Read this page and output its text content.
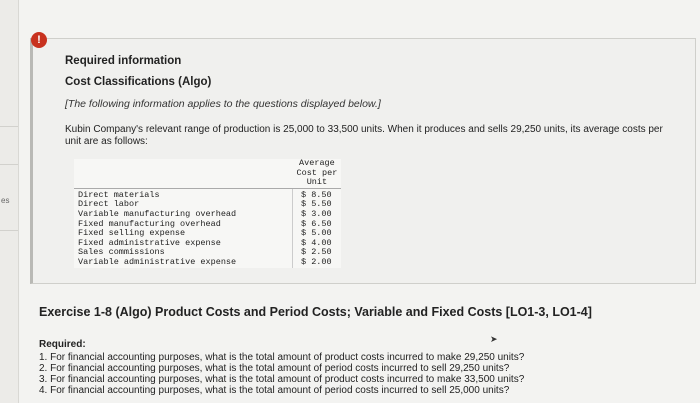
es
!
Required information
Cost Classifications (Algo)
[The following information applies to the questions displayed below.]
Kubin Company's relevant range of production is 25,000 to 33,500 units. When it produces and sells 29,250 units, its average costs per unit are as follows:
	Average
Cost per
Unit
Direct materials	$ 8.50
Direct labor	$ 5.50
Variable manufacturing overhead	$ 3.00
Fixed manufacturing overhead	$ 6.50
Fixed selling expense	$ 5.00
Fixed administrative expense	$ 4.00
Sales commissions	$ 2.50
Variable administrative expense	$ 2.00
Exercise 1-8 (Algo) Product Costs and Period Costs; Variable and Fixed Costs [LO1-3, LO1-4]
➤
Required:
1. For financial accounting purposes, what is the total amount of product costs incurred to make 29,250 units?
2. For financial accounting purposes, what is the total amount of period costs incurred to sell 29,250 units?
3. For financial accounting purposes, what is the total amount of product costs incurred to make 33,500 units?
4. For financial accounting purposes, what is the total amount of period costs incurred to sell 25,000 units?
